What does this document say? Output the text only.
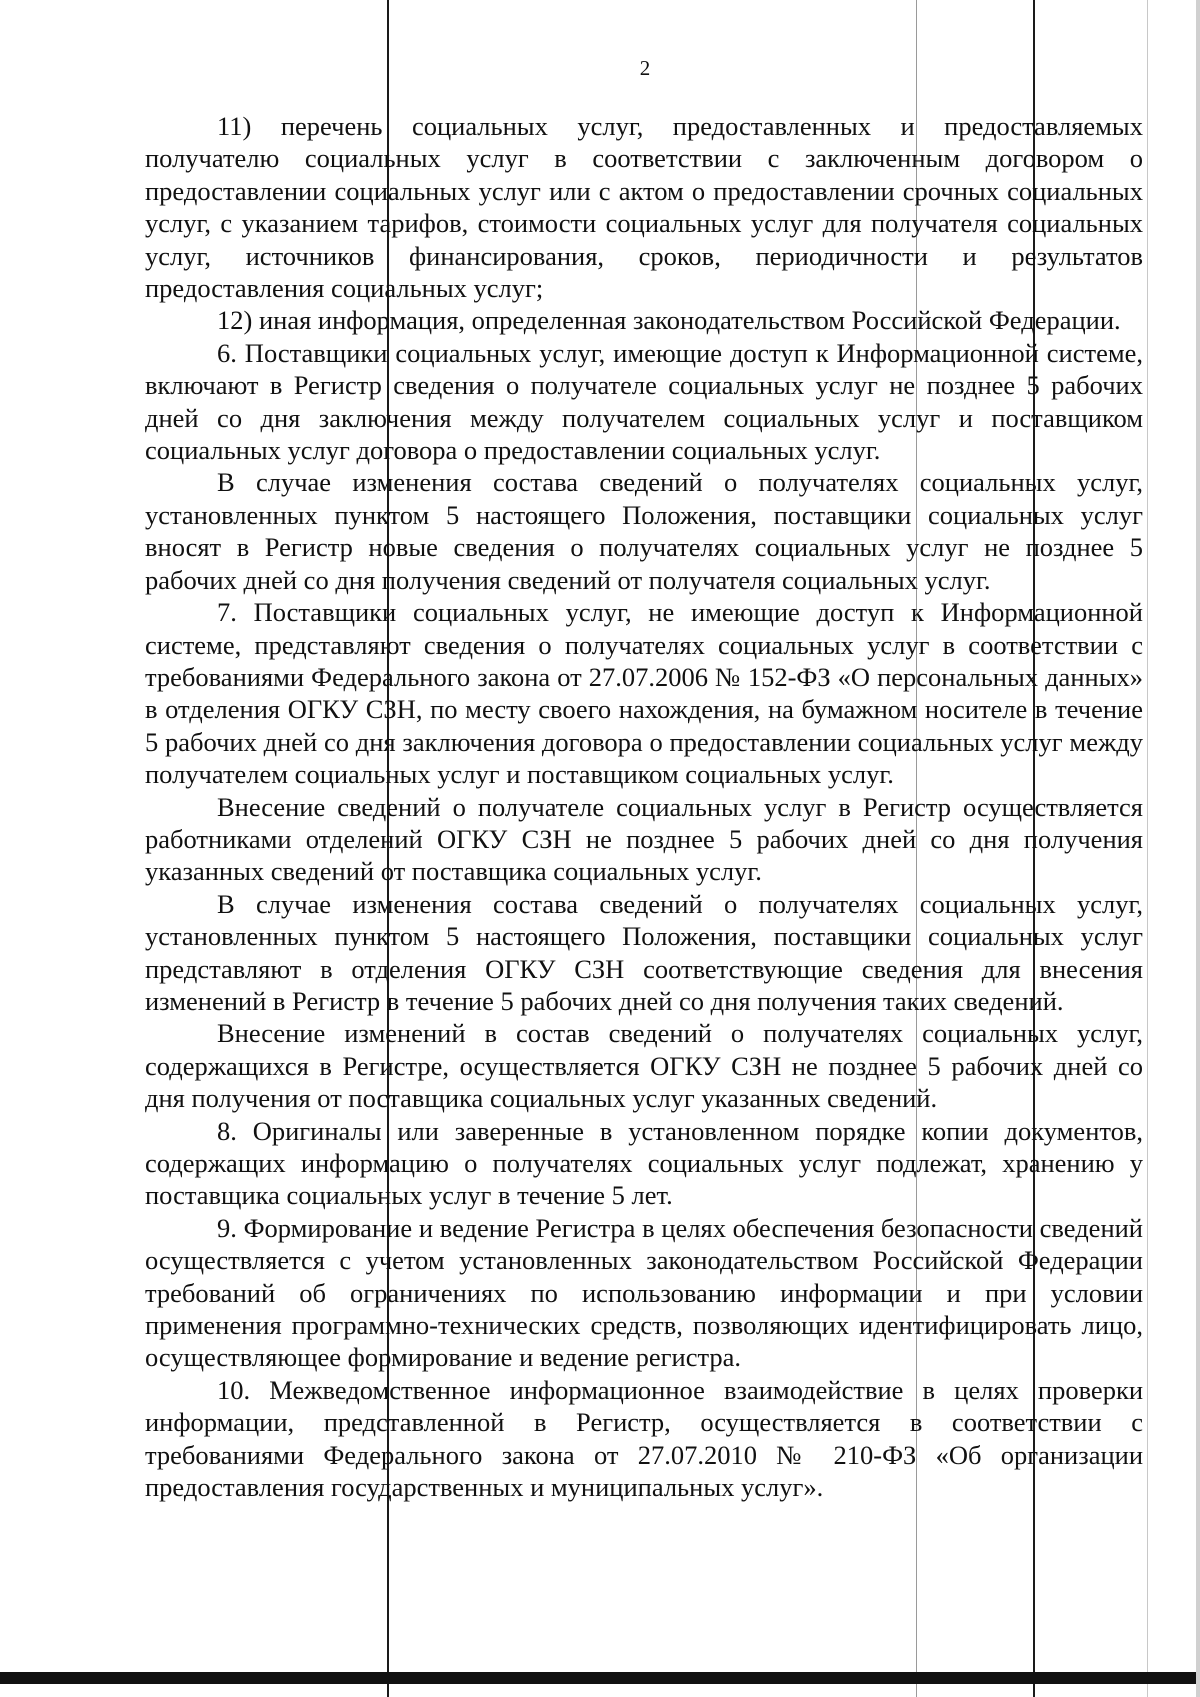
2

11) перечень социальных услуг, предоставленных и предоставляемых получателю социальных услуг в соответствии с заключенным договором о предоставлении социальных услуг или с актом о предоставлении срочных социальных услуг, с указанием тарифов, стоимости социальных услуг для получателя социальных услуг, источников финансирования, сроков, периодичности и результатов предоставления социальных услуг;

12) иная информация, определенная законодательством Российской Федерации.

6. Поставщики социальных услуг, имеющие доступ к Информационной системе, включают в Регистр сведения о получателе социальных услуг не позднее 5 рабочих дней со дня заключения между получателем социальных услуг и поставщиком социальных услуг договора о предоставлении социальных услуг.

В случае изменения состава сведений о получателях социальных услуг, установленных пунктом 5 настоящего Положения, поставщики социальных услуг вносят в Регистр новые сведения о получателях социальных услуг не позднее 5 рабочих дней со дня получения сведений от получателя социальных услуг.

7. Поставщики социальных услуг, не имеющие доступ к Информационной системе, представляют сведения о получателях социальных услуг в соответствии с требованиями Федерального закона от 27.07.2006 № 152-ФЗ «О персональных данных» в отделения ОГКУ СЗН, по месту своего нахождения, на бумажном носителе в течение 5 рабочих дней со дня заключения договора о предоставлении социальных услуг между получателем социальных услуг и поставщиком социальных услуг.

Внесение сведений о получателе социальных услуг в Регистр осуществляется работниками отделений ОГКУ СЗН не позднее 5 рабочих дней со дня получения указанных сведений от поставщика социальных услуг.

В случае изменения состава сведений о получателях социальных услуг, установленных пунктом 5 настоящего Положения, поставщики социальных услуг представляют в отделения ОГКУ СЗН соответствующие сведения для внесения изменений в Регистр в течение 5 рабочих дней со дня получения таких сведений.

Внесение изменений в состав сведений о получателях социальных услуг, содержащихся в Регистре, осуществляется ОГКУ СЗН не позднее 5 рабочих дней со дня получения от поставщика социальных услуг указанных сведений.

8. Оригиналы или заверенные в установленном порядке копии документов, содержащих информацию о получателях социальных услуг подлежат, хранению у поставщика социальных услуг в течение 5 лет.

9. Формирование и ведение Регистра в целях обеспечения безопасности сведений осуществляется с учетом установленных законодательством Российской Федерации требований об ограничениях по использованию информации и при условии применения программно-технических средств, позволяющих идентифицировать лицо, осуществляющее формирование и ведение регистра.

10. Межведомственное информационное взаимодействие в целях проверки информации, представленной в Регистр, осуществляется в соответствии с требованиями Федерального закона от 27.07.2010 № 210-ФЗ «Об организации предоставления государственных и муниципальных услуг».
